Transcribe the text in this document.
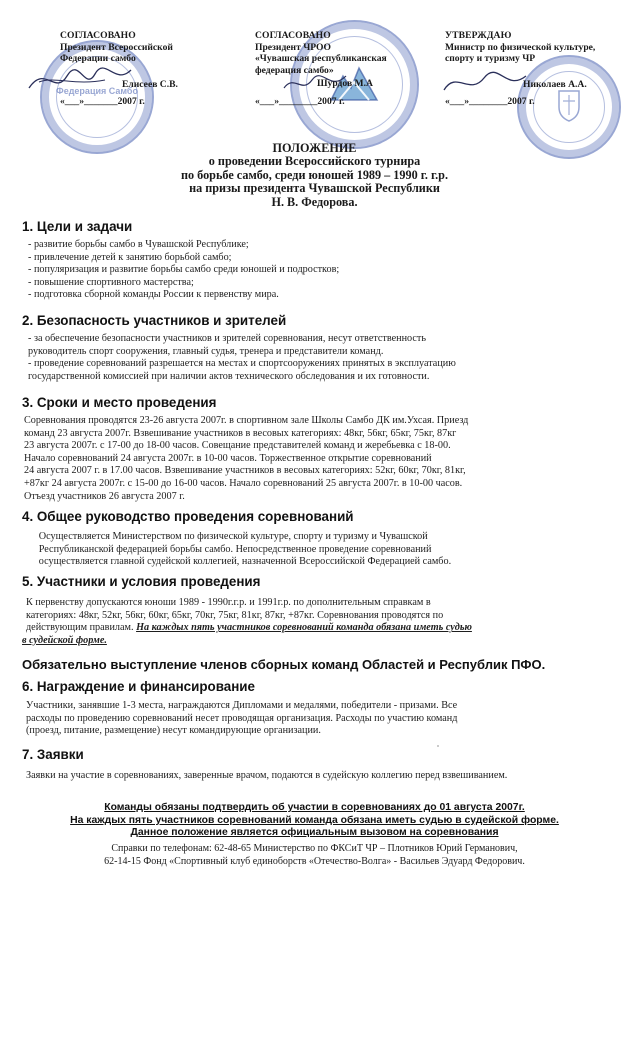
Федерация Самбо
СОГЛАСОВАНО
Президент Всероссийской
Федерации самбо
Елисеев С.В.
«___»_______2007 г.
СОГЛАСОВАНО
Президент ЧРОО
«Чувашская республиканская
федерация самбо»
Шурдов М.А
«___»________2007 г.
УТВЕРЖДАЮ
Министр по физической культуре,
спорту и туризму ЧР
Николаев А.А.
«___»________2007 г.
ПОЛОЖЕНИЕ
о проведении Всероссийского турнира
по борьбе самбо, среди юношей 1989 – 1990 г. г.р.
на призы президента Чувашской Республики
Н. В. Федорова.
1. Цели и задачи
- развитие борьбы самбо в Чувашской Республике;
- привлечение детей к занятию борьбой самбо;
- популяризация и развитие борьбы самбо среди юношей и подростков;
- повышение спортивного мастерства;
- подготовка сборной команды России к первенству мира.
2. Безопасность участников и зрителей
- за обеспечение безопасности участников и зрителей соревнования, несут ответственность
руководитель спорт сооружения, главный судья, тренера и представители команд.
- проведение соревнований разрешается на местах и спортсооружениях принятых в эксплуатацию
государственной комиссией при наличии актов технического обследования и их готовности.
3. Сроки и место проведения
Соревнования проводятся 23-26 августа 2007г. в спортивном зале Школы Самбо ДК им.Ухсая. Приезд
команд 23 августа 2007г. Взвешивание участников в весовых категориях: 48кг, 56кг, 65кг, 75кг, 87кг
23 августа 2007г. с 17-00 до 18-00 часов. Совещание представителей команд и жеребьевка с 18-00.
Начало соревнований 24 августа 2007г. в 10-00 часов. Торжественное открытие соревнований
24 августа 2007 г. в 17.00 часов. Взвешивание участников в весовых категориях: 52кг, 60кг, 70кг, 81кг,
+87кг 24 августа 2007г. с 15-00 до 16-00 часов. Начало соревнований 25 августа 2007г. в 10-00 часов.
Отъезд участников 26 августа 2007 г.
4. Общее руководство проведения соревнований
Осуществляется Министерством по физической культуре, спорту и туризму и Чувашской
Республиканской федерацией борьбы самбо. Непосредственное проведение соревнований
осуществляется главной судейской коллегией, назначенной Всероссийской Федерацией самбо.
5. Участники и условия проведения
К первенству допускаются юноши 1989 - 1990г.г.р. и 1991г.р. по дополнительным справкам в
категориях: 48кг, 52кг, 56кг, 60кг, 65кг, 70кг, 75кг, 81кг, 87кг, +87кг. Соревнования проводятся по
действующим правилам. На каждых пять участников соревнований команда обязана иметь судью
в судейской форме.
Обязательно выступление членов сборных команд Областей и Республик ПФО.
6. Награждение и финансирование
Участники, занявшие 1-3 места, награждаются Дипломами и медалями, победители - призами. Все
расходы по проведению соревнований несет проводящая организация. Расходы по участию команд
(проезд, питание, размещение) несут командирующие организации.
7. Заявки
Заявки на участие в соревнованиях, заверенные врачом, подаются в судейскую коллегию перед взвешиванием.
Команды обязаны подтвердить об участии в соревнованиях до 01 августа 2007г.
На каждых пять участников соревнований команда обязана иметь судью в судейской форме.
Данное положение является официальным вызовом на соревнования
Справки по телефонам: 62-48-65 Министерство по ФКСиТ ЧР – Плотников Юрий Германович,
62-14-15 Фонд «Спортивный клуб единоборств «Отечество-Волга» - Васильев Эдуард Федорович.
